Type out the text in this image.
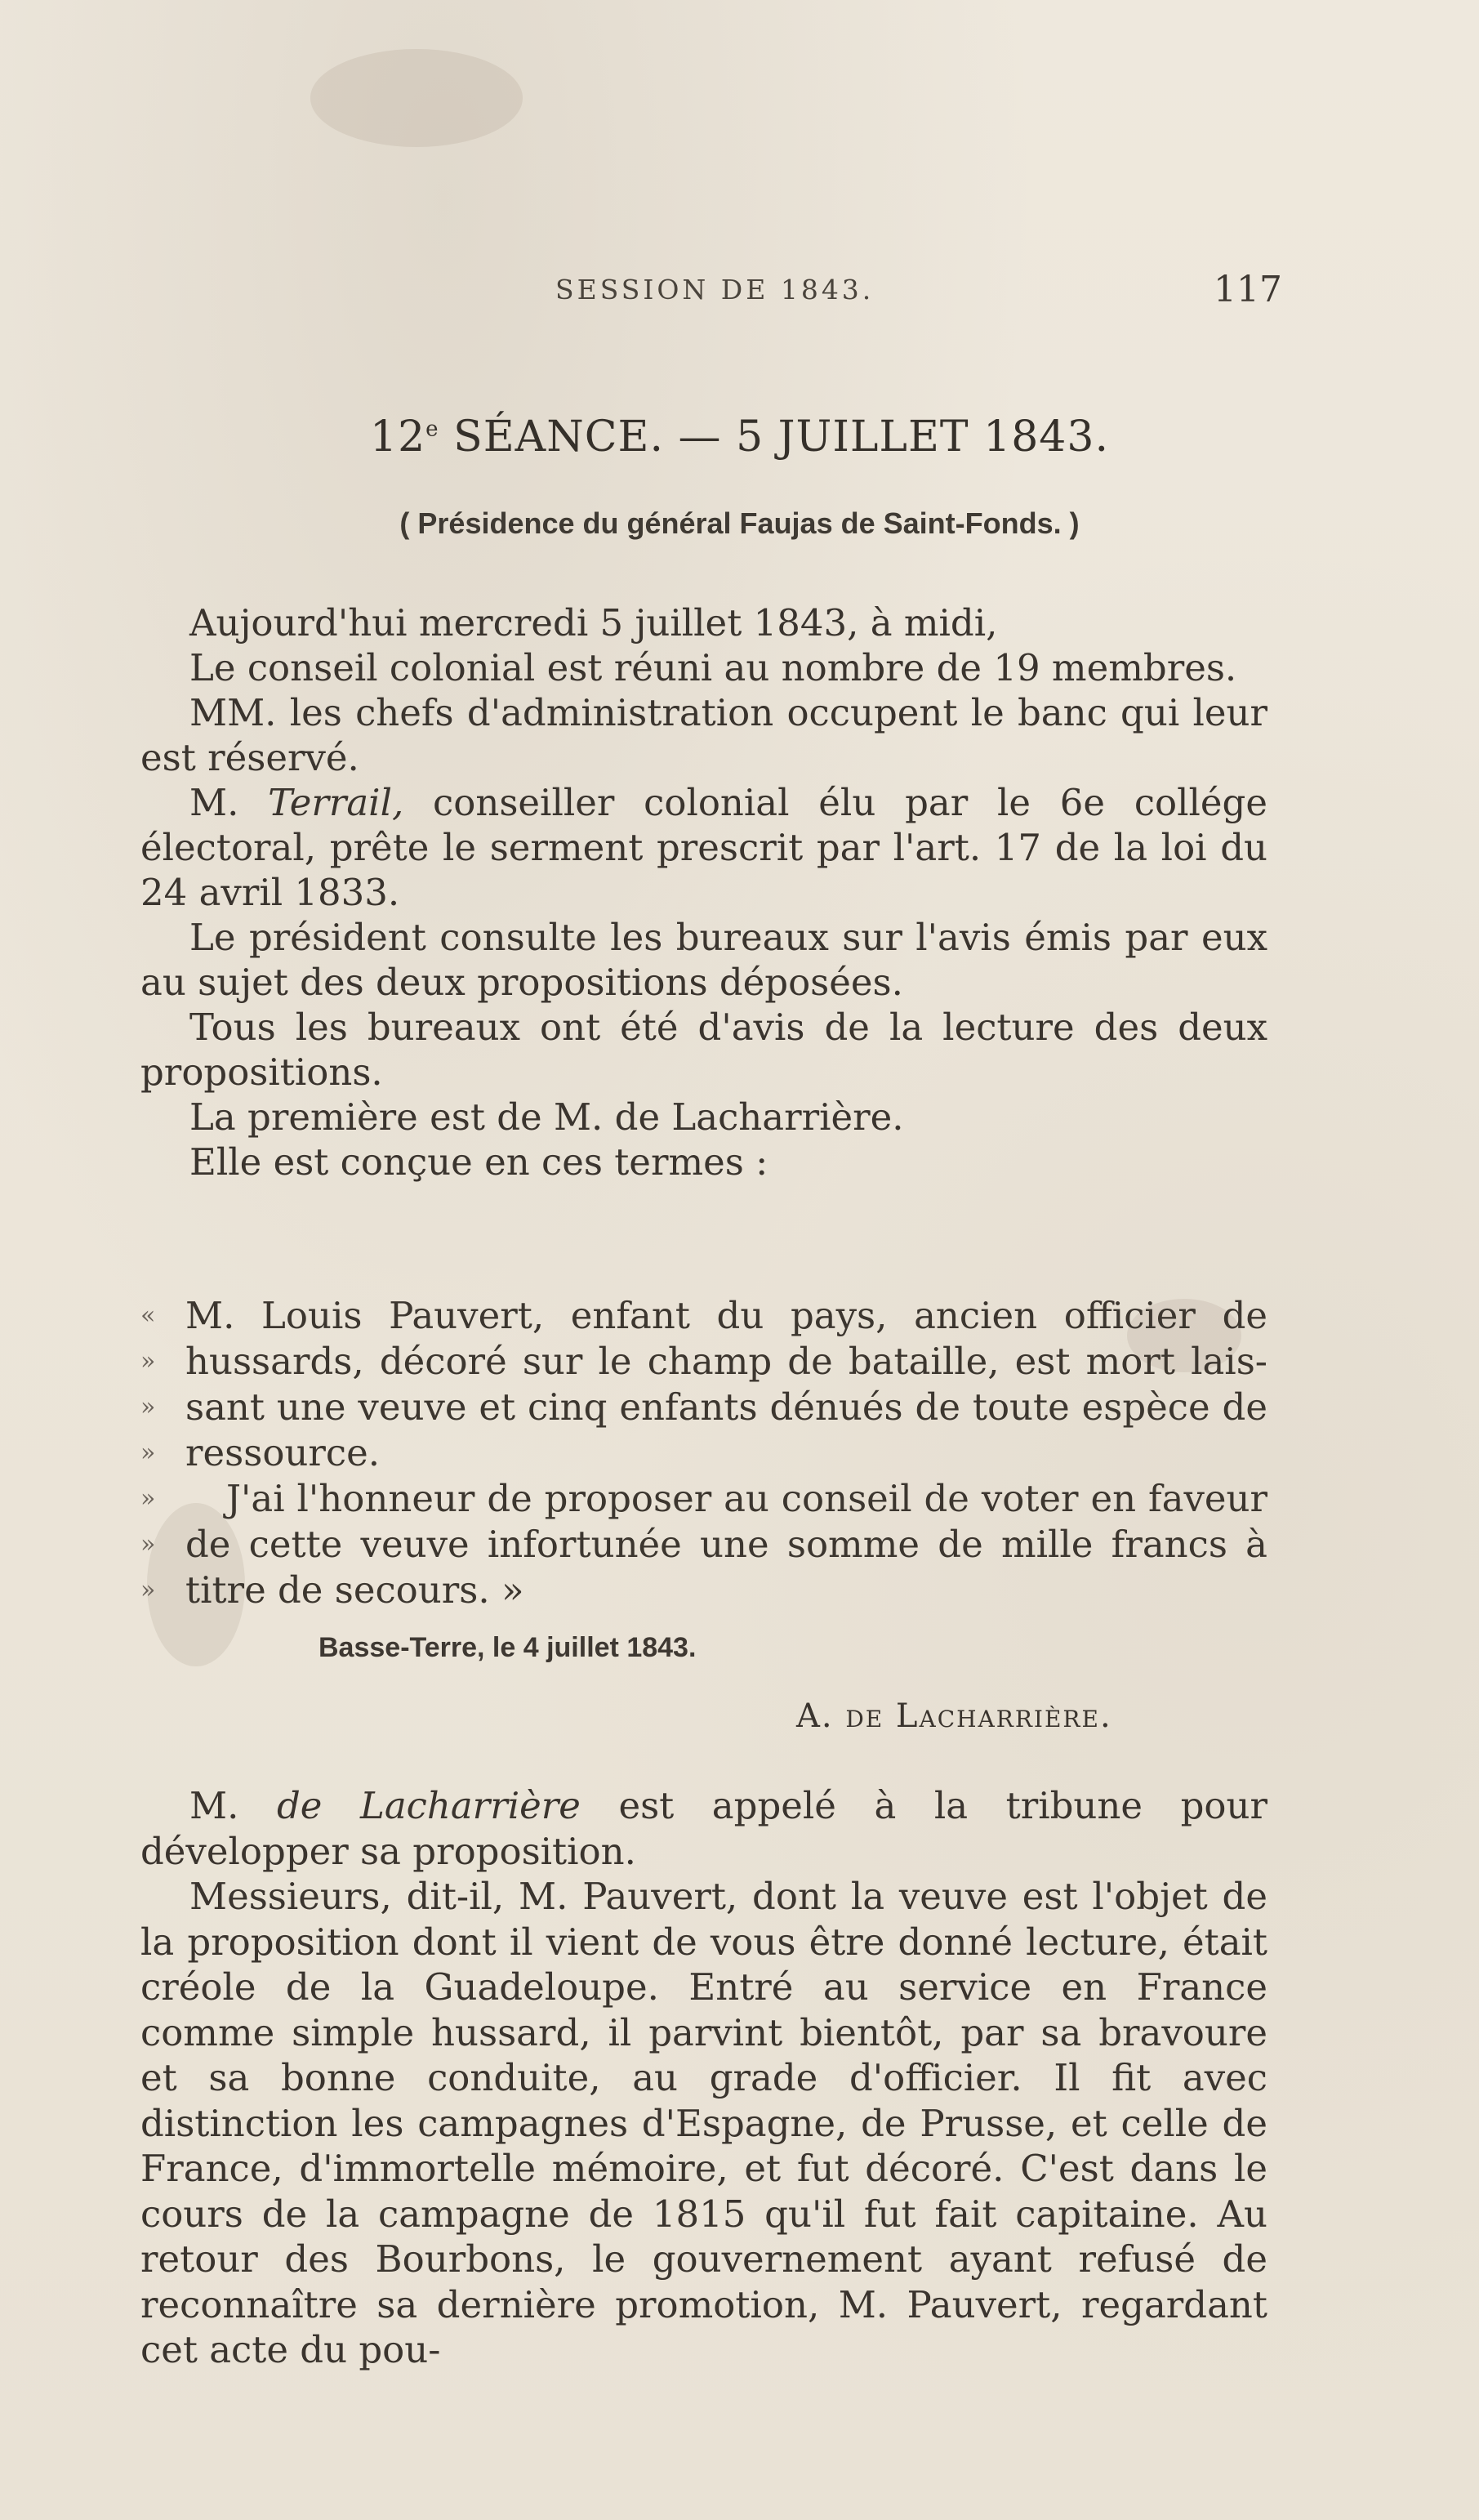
SESSION DE 1843.	117
12e SÉANCE. — 5 JUILLET 1843.
( Présidence du général Faujas de Saint-Fonds. )

Aujourd'hui mercredi 5 juillet 1843, à midi,

Le conseil colonial est réuni au nombre de 19 membres.

MM. les chefs d'administration occupent le banc qui leur est réservé.

M. Terrail, conseiller colonial élu par le 6e collége électoral, prête le serment prescrit par l'art. 17 de la loi du 24 avril 1833.

Le président consulte les bureaux sur l'avis émis par eux au sujet des deux propositions déposées.

Tous les bureaux ont été d'avis de la lecture des deux propositions.

La première est de M. de Lacharrière.

Elle est conçue en ces termes :

« M. Louis Pauvert, enfant du pays, ancien officier de
» hussards, décoré sur le champ de bataille, est mort lais-
» sant une veuve et cinq enfants dénués de toute espèce de
» ressource.
»	J'ai l'honneur de proposer au conseil de voter en faveur
» de cette veuve infortunée une somme de mille francs à
» titre de secours. »
Basse-Terre, le 4 juillet 1843.
A. de Lacharrière.

M. de Lacharrière est appelé à la tribune pour développer sa proposition.

Messieurs, dit-il, M. Pauvert, dont la veuve est l'objet de la proposition dont il vient de vous être donné lecture, était créole de la Guadeloupe. Entré au service en France comme simple hussard, il parvint bientôt, par sa bravoure et sa bonne conduite, au grade d'officier. Il fit avec distinction les campagnes d'Espagne, de Prusse, et celle de France, d'immortelle mémoire, et fut décoré. C'est dans le cours de la campagne de 1815 qu'il fut fait capitaine. Au retour des Bourbons, le gouvernement ayant refusé de reconnaître sa dernière promotion, M. Pauvert, regardant cet acte du pou-
